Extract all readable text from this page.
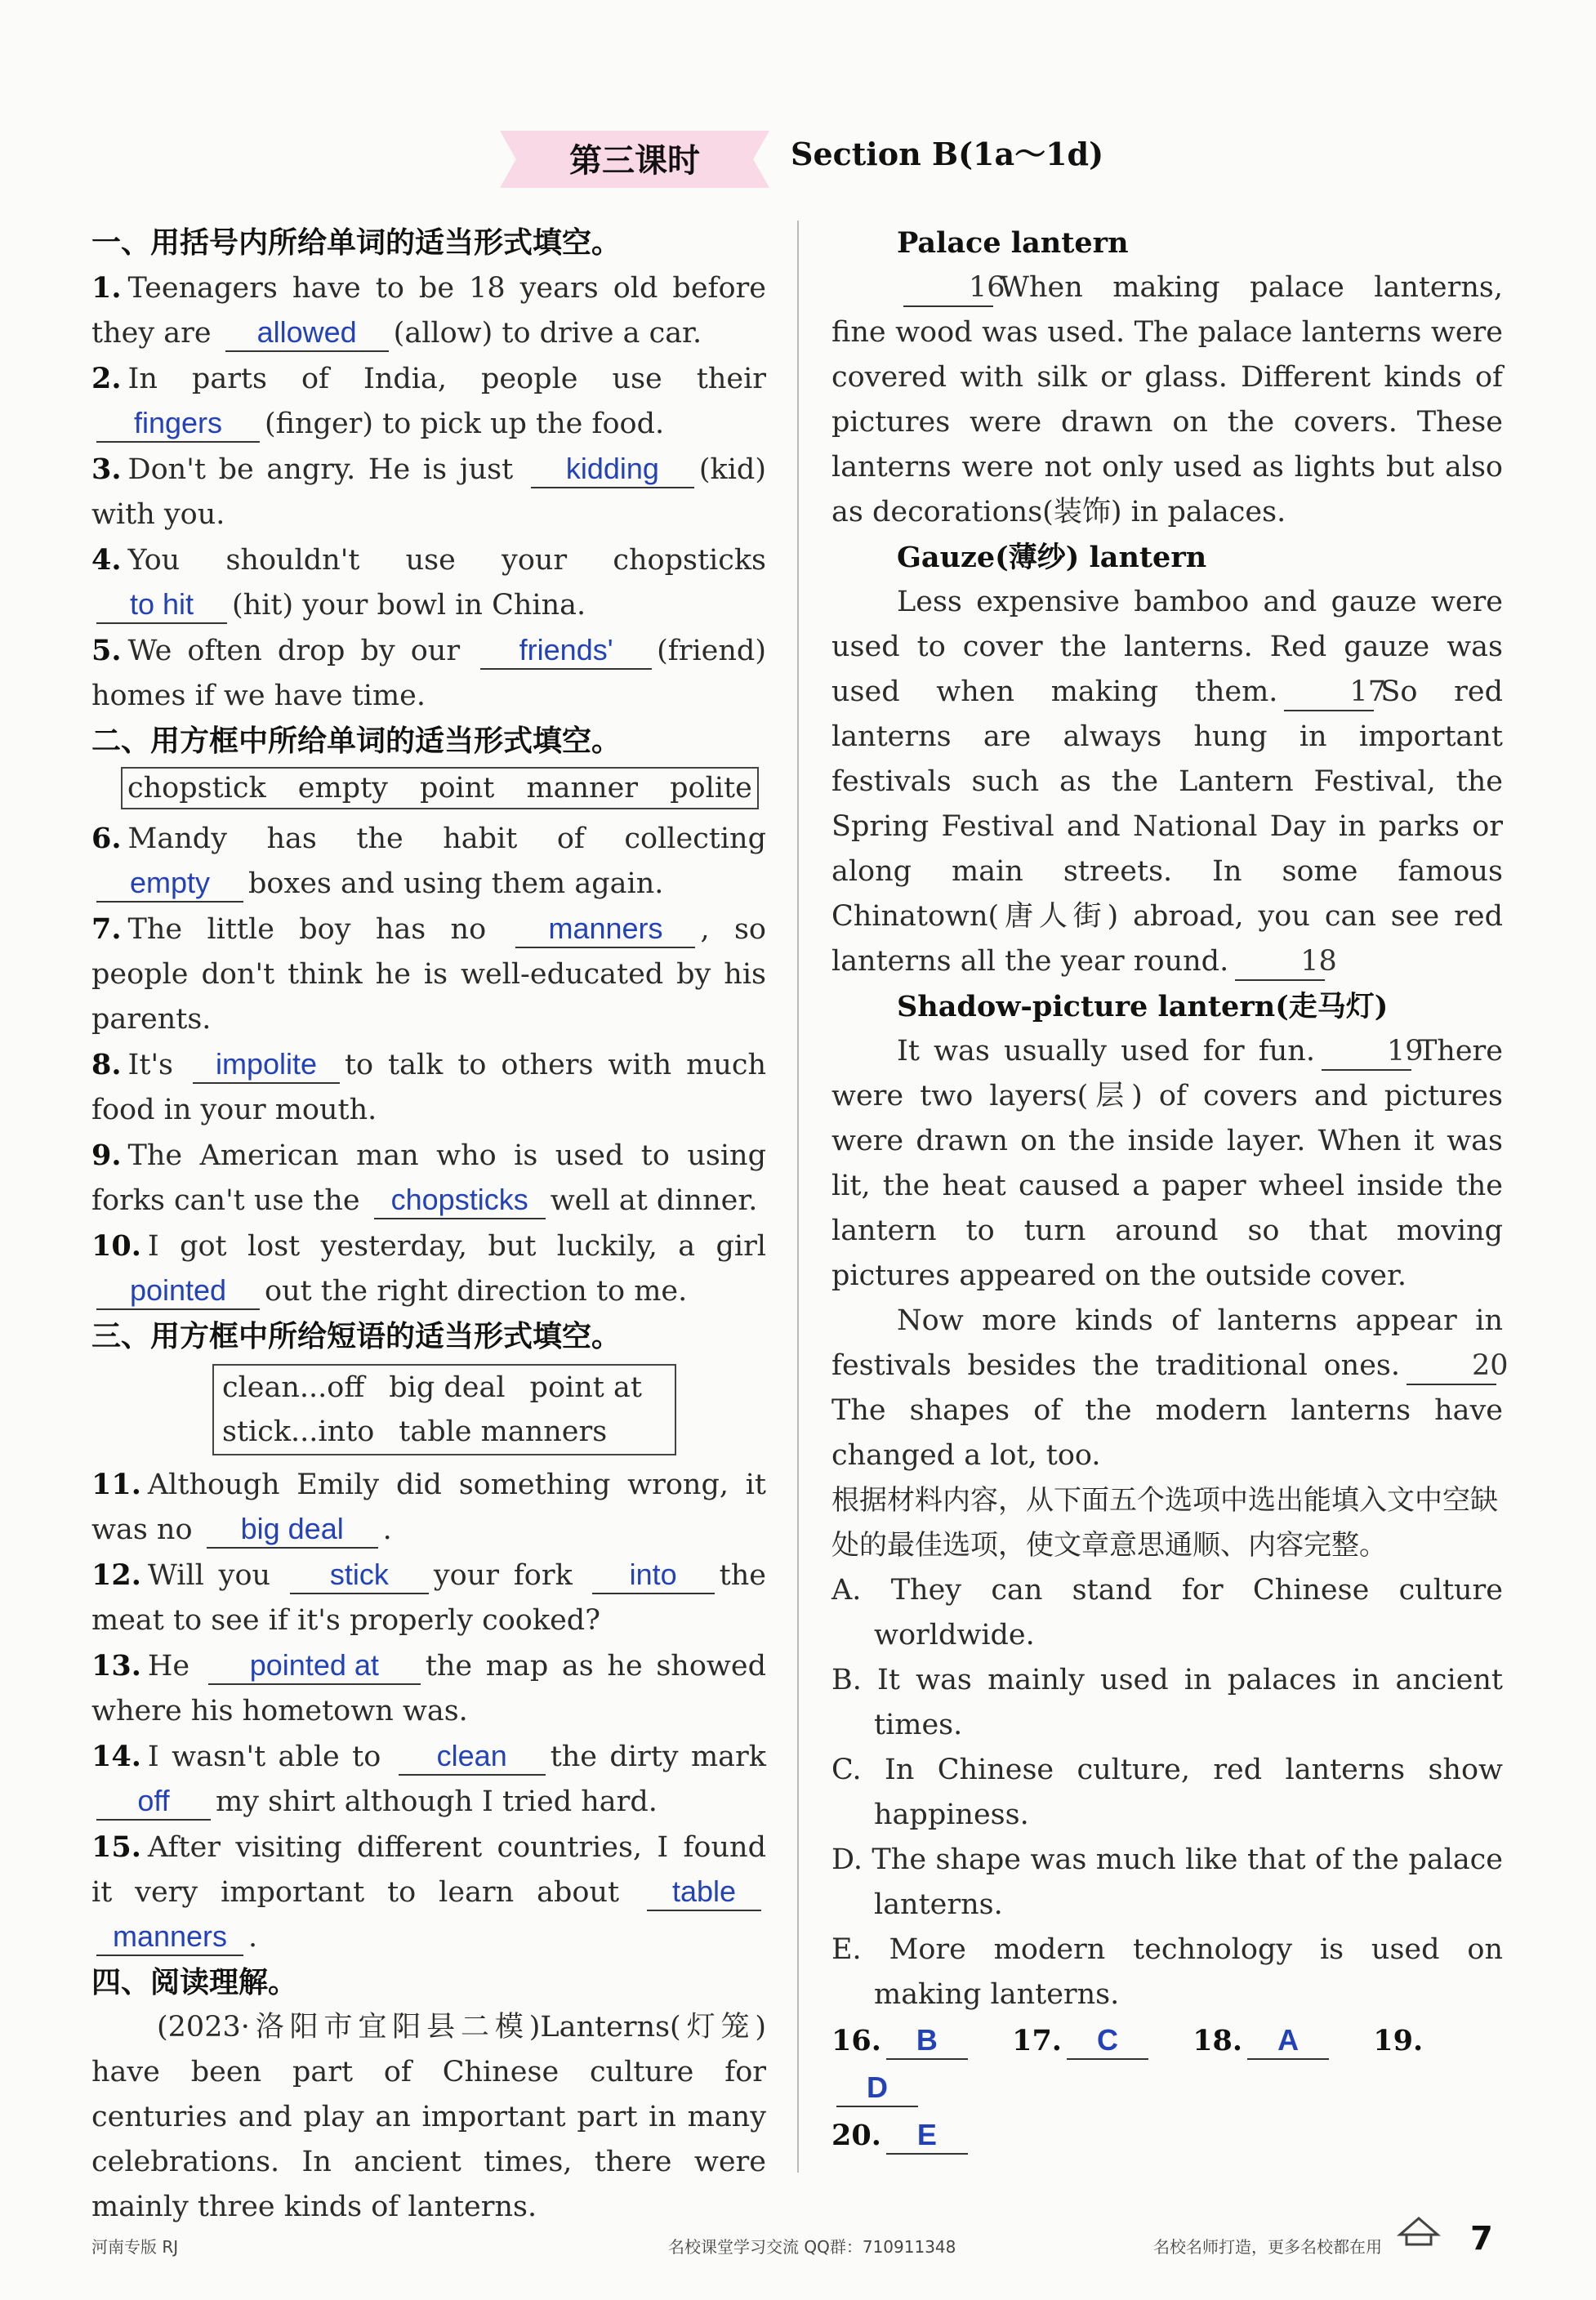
第三课时	Section B(1a～1d)
一、用括号内所给单词的适当形式填空。
1. Teenagers have to be 18 years old before they are allowed (allow) to drive a car.
2. In parts of India, people use their fingers (finger) to pick up the food.
3. Don't be angry. He is just kidding (kid) with you.
4. You shouldn't use your chopsticks to hit (hit) your bowl in China.
5. We often drop by our friends' (friend) homes if we have time.
二、用方框中所给单词的适当形式填空。
chopstick empty point manner polite
6. Mandy has the habit of collecting empty boxes and using them again.
7. The little boy has no manners , so people don't think he is well-educated by his parents.
8. It's impolite to talk to others with much food in your mouth.
9. The American man who is used to using forks can't use the chopsticks well at dinner.
10. I got lost yesterday, but luckily, a girl pointed out the right direction to me.
三、用方框中所给短语的适当形式填空。
clean...off big deal point at
stick...into table manners
11. Although Emily did something wrong, it was no big deal .
12. Will you stick your fork into the meat to see if it's properly cooked?
13. He pointed at the map as he showed where his hometown was.
14. I wasn't able to clean the dirty mark off my shirt although I tried hard.
15. After visiting different countries, I found it very important to learn about table manners .
四、阅读理解。
(2023·洛阳市宜阳县二模)Lanterns(灯笼) have been part of Chinese culture for centuries and play an important part in many celebrations. In ancient times, there were mainly three kinds of lanterns.
Palace lantern
16When making palace lanterns, fine wood was used. The palace lanterns were covered with silk or glass. Different kinds of pictures were drawn on the covers. These lanterns were not only used as lights but also as decorations(装饰) in palaces.
Gauze(薄纱) lantern
Less expensive bamboo and gauze were used to cover the lanterns. Red gauze was used when making them.	17So red lanterns are always hung in important festivals such as the Lantern Festival, the Spring Festival and National Day in parks or along main streets. In some famous Chinatown(唐人街) abroad, you can see red lanterns all the year round.	18
Shadow-picture lantern(走马灯)
It was usually used for fun.	19There were two layers(层) of covers and pictures were drawn on the inside layer. When it was lit, the heat caused a paper wheel inside the lantern to turn around so that moving pictures appeared on the outside cover.
Now more kinds of lanterns appear in festivals besides the traditional ones.	20The shapes of the modern lanterns have changed a lot, too.
根据材料内容，从下面五个选项中选出能填入文中空缺处的最佳选项，使文章意思通顺、内容完整。
A. They can stand for Chinese culture worldwide.
B. It was mainly used in palaces in ancient times.
C. In Chinese culture, red lanterns show happiness.
D. The shape was much like that of the palace lanterns.
E. More modern technology is used on making lanterns.
16. B	17. C	18. A	19.D
20. E
河南专版 RJ	名校课堂学习交流 QQ群：710911348	名校名师打造，更多名校都在用	7
